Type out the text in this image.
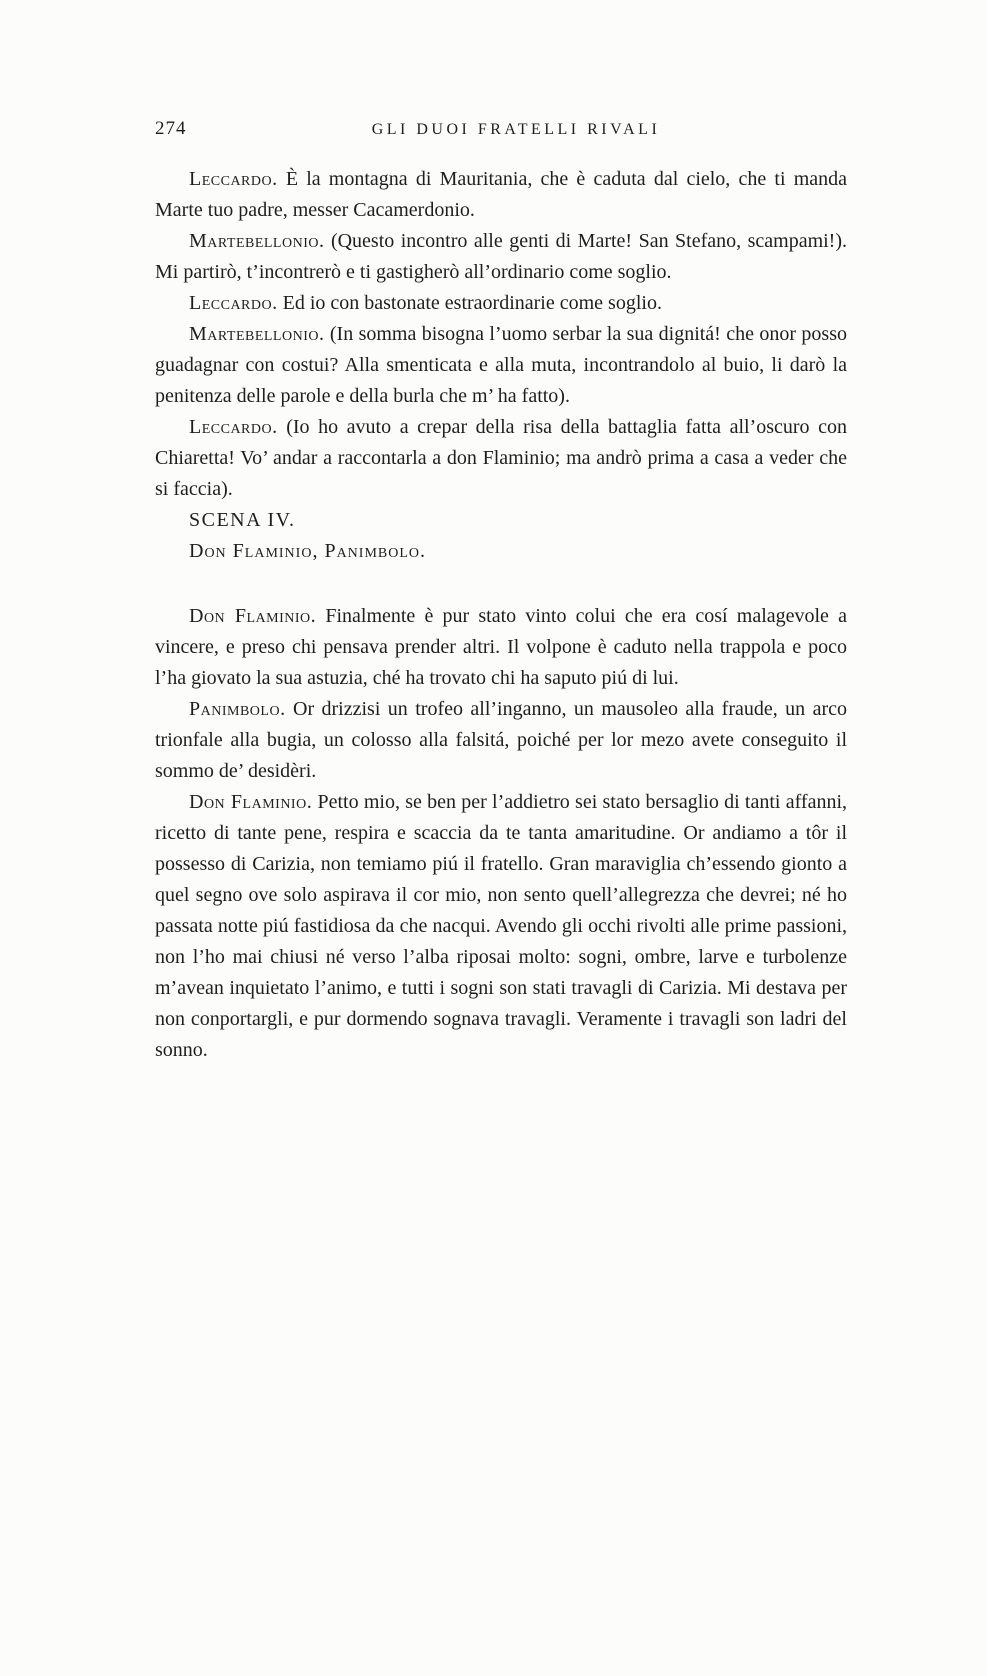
274	GLI DUOI FRATELLI RIVALI

Leccardo. È la montagna di Mauritania, che è caduta dal cielo, che ti manda Marte tuo padre, messer Cacamerdonio.

Martebellonio. (Questo incontro alle genti di Marte! San Stefano, scampami!). Mi partirò, t’incontrerò e ti gastigherò all’ordinario come soglio.

Leccardo. Ed io con bastonate estraordinarie come soglio.

Martebellonio. (In somma bisogna l’uomo serbar la sua dignitá! che onor posso guadagnar con costui? Alla smenticata e alla muta, incontrandolo al buio, li darò la penitenza delle parole e della burla che m’ ha fatto).

Leccardo. (Io ho avuto a crepar della risa della battaglia fatta all’oscuro con Chiaretta! Vo’ andar a raccontarla a don Flaminio; ma andrò prima a casa a veder che si faccia).

SCENA IV.

Don Flaminio, Panimbolo.

Don Flaminio. Finalmente è pur stato vinto colui che era cosí malagevole a vincere, e preso chi pensava prender altri. Il volpone è caduto nella trappola e poco l’ha giovato la sua astuzia, ché ha trovato chi ha saputo piú di lui.

Panimbolo. Or drizzisi un trofeo all’inganno, un mausoleo alla fraude, un arco trionfale alla bugia, un colosso alla falsitá, poiché per lor mezo avete conseguito il sommo de’ desidèri.

Don Flaminio. Petto mio, se ben per l’addietro sei stato bersaglio di tanti affanni, ricetto di tante pene, respira e scaccia da te tanta amaritudine. Or andiamo a tôr il possesso di Carizia, non temiamo piú il fratello. Gran maraviglia ch’essendo gionto a quel segno ove solo aspirava il cor mio, non sento quell’allegrezza che devrei; né ho passata notte piú fastidiosa da che nacqui. Avendo gli occhi rivolti alle prime passioni, non l’ho mai chiusi né verso l’alba riposai molto: sogni, ombre, larve e turbolenze m’avean inquietato l’animo, e tutti i sogni son stati travagli di Carizia. Mi destava per non conportargli, e pur dormendo sognava travagli. Veramente i travagli son ladri del sonno.
